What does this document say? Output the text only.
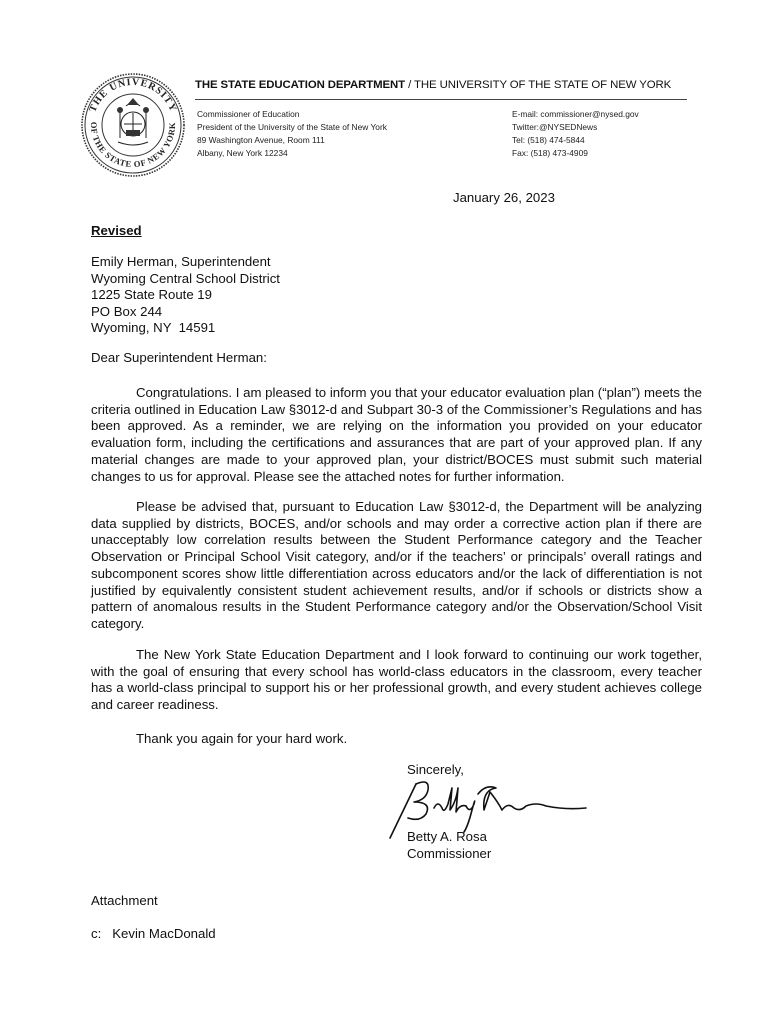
THE UNIVERSITY
OF THE STATE OF NEW YORK
THE STATE EDUCATION DEPARTMENT / THE UNIVERSITY OF THE STATE OF NEW YORK
Commissioner of Education
President of the University of the State of New York
89 Washington Avenue, Room 111
Albany, New York 12234
E-mail: commissioner@nysed.gov
Twitter:@NYSEDNews
Tel: (518) 474-5844
Fax: (518) 473-4909
January 26, 2023
Revised
Emily Herman, Superintendent
Wyoming Central School District
1225 State Route 19
PO Box 244
Wyoming, NY  14591
Dear Superintendent Herman:

Congratulations. I am pleased to inform you that your educator evaluation plan (“plan”) meets the criteria outlined in Education Law §3012-d and Subpart 30-3 of the Commissioner’s Regulations and has been approved. As a reminder, we are relying on the information you provided on your educator evaluation form, including the certifications and assurances that are part of your approved plan. If any material changes are made to your approved plan, your district/BOCES must submit such material changes to us for approval. Please see the attached notes for further information.

Please be advised that, pursuant to Education Law §3012-d, the Department will be analyzing data supplied by districts, BOCES, and/or schools and may order a corrective action plan if there are unacceptably low correlation results between the Student Performance category and the Teacher Observation or Principal School Visit category, and/or if the teachers’ or principals’ overall ratings and subcomponent scores show little differentiation across educators and/or the lack of differentiation is not justified by equivalently consistent student achievement results, and/or if schools or districts show a pattern of anomalous results in the Student Performance category and/or the Observation/School Visit category.

The New York State Education Department and I look forward to continuing our work together, with the goal of ensuring that every school has world-class educators in the classroom, every teacher has a world-class principal to support his or her professional growth, and every student achieves college and career readiness.

Thank you again for your hard work.
Sincerely,
Betty A. Rosa
Commissioner
Attachment
c:   Kevin MacDonald
